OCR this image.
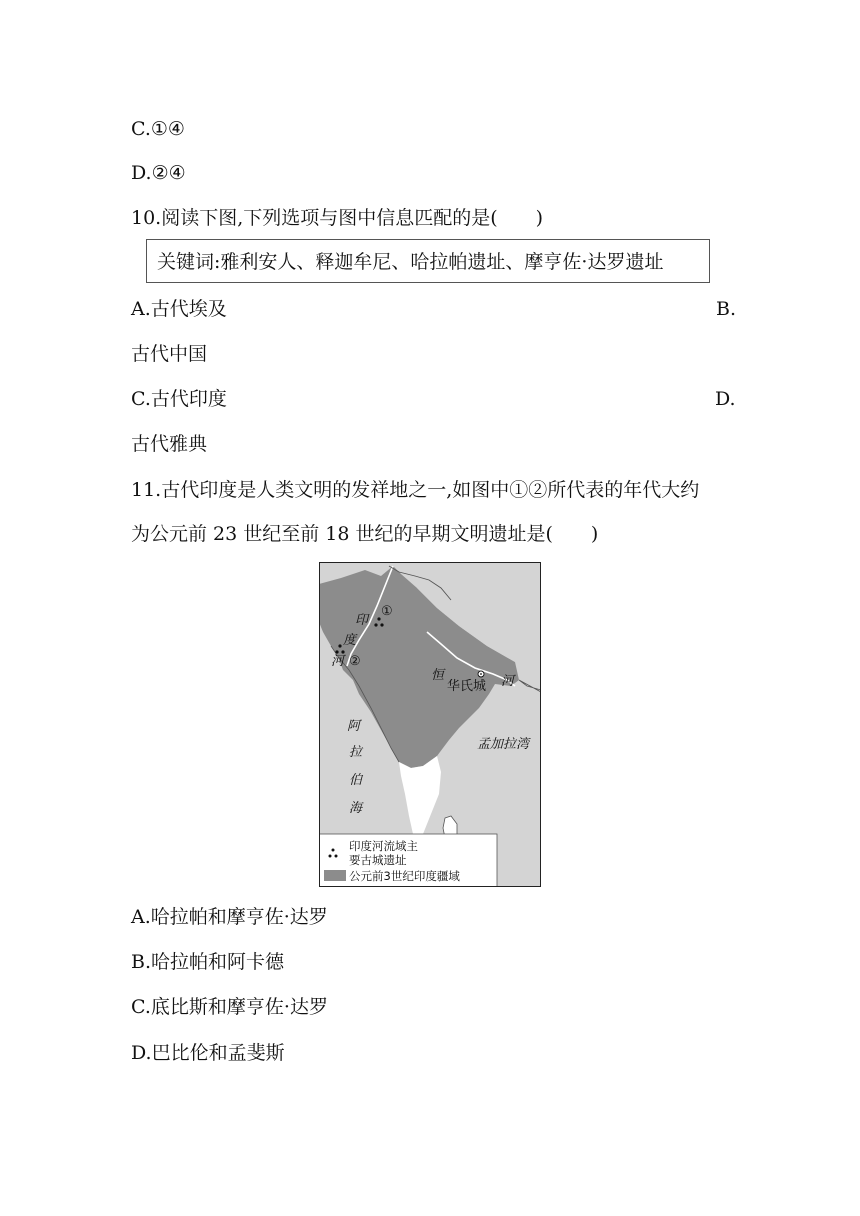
C.①④
D.②④
10.阅读下图,下列选项与图中信息匹配的是(　　)
关键词:雅利安人、释迦牟尼、哈拉帕遗址、摩亨佐·达罗遗址
A.古代埃及	B.
古代中国
C.古代印度	D.
古代雅典
11.古代印度是人类文明的发祥地之一,如图中①②所代表的年代大约
为公元前 23 世纪至前 18 世纪的早期文明遗址是(　　)
①
②
印
度
河
恒	河
华氏城
阿
拉
伯
海
孟加拉湾
印度河流域主
要古城遗址
公元前3世纪印度疆域
A.哈拉帕和摩亨佐·达罗
B.哈拉帕和阿卡德
C.底比斯和摩亨佐·达罗
D.巴比伦和孟斐斯
